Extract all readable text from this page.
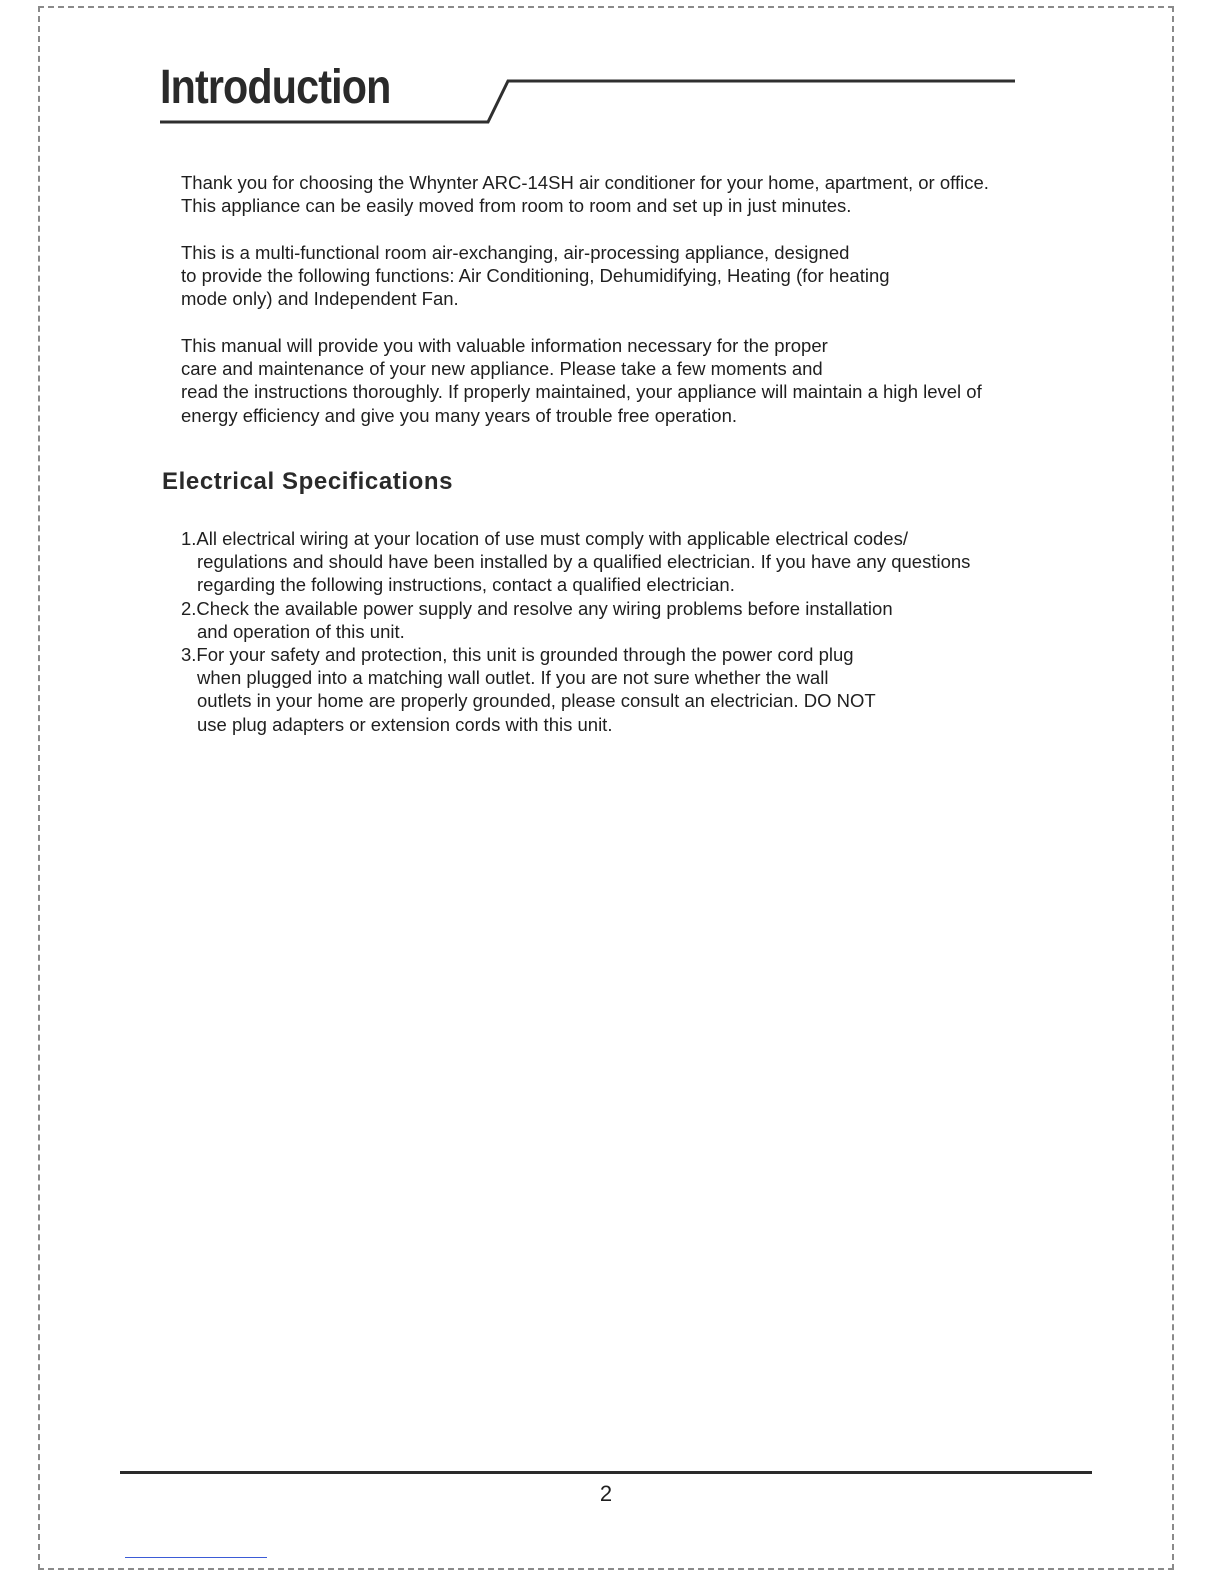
Introduction
Thank you for choosing the Whynter ARC-14SH air conditioner for your home, apartment, or office.
This appliance can be easily moved from room to room and set up in just minutes.
This is a multi-functional room air-exchanging, air-processing appliance, designed
to provide the following functions: Air Conditioning, Dehumidifying, Heating (for heating
mode only) and Independent Fan.
This manual will provide you with valuable information necessary for the proper
care and maintenance of your new appliance. Please take a few moments and
read the instructions thoroughly. If properly maintained, your appliance will maintain a high level of
energy efficiency and give you many years of trouble free operation.
Electrical Specifications
1.All electrical wiring at your location of use must comply with applicable electrical codes/
regulations and should have been installed by a qualified electrician. If you have any questions
regarding the following instructions, contact a qualified electrician.
2.Check the available power supply and resolve any wiring problems before installation
and operation of this unit.
3.For your safety and protection, this unit is grounded through the power cord plug
when plugged into a matching wall outlet. If you are not sure whether the wall
outlets in your home are properly grounded, please consult an electrician. DO NOT
use plug adapters or extension cords with this unit.
2
